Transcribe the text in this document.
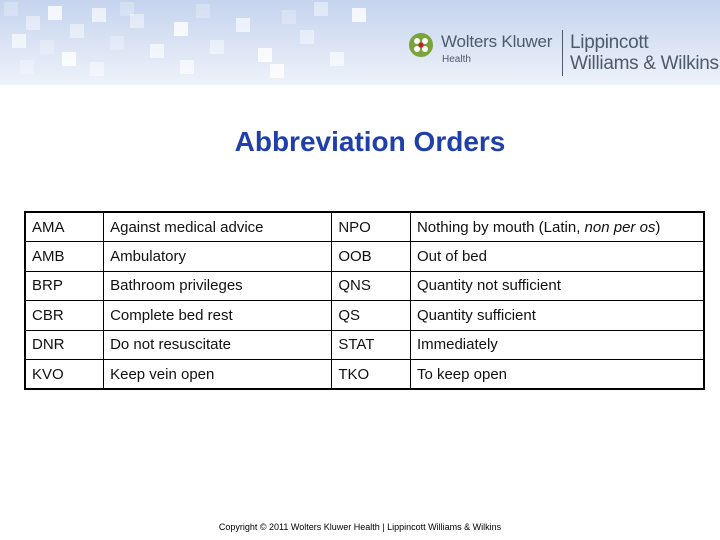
Wolters Kluwer
Health
Lippincott
Williams & Wilkins
Abbreviation Orders
AMA	Against medical advice	NPO	Nothing by mouth (Latin, non per os)
AMB	Ambulatory	OOB	Out of bed
BRP	Bathroom privileges	QNS	Quantity not sufficient
CBR	Complete bed rest	QS	Quantity sufficient
DNR	Do not resuscitate	STAT	Immediately
KVO	Keep vein open	TKO	To keep open
Copyright © 2011 Wolters Kluwer Health | Lippincott Williams & Wilkins
